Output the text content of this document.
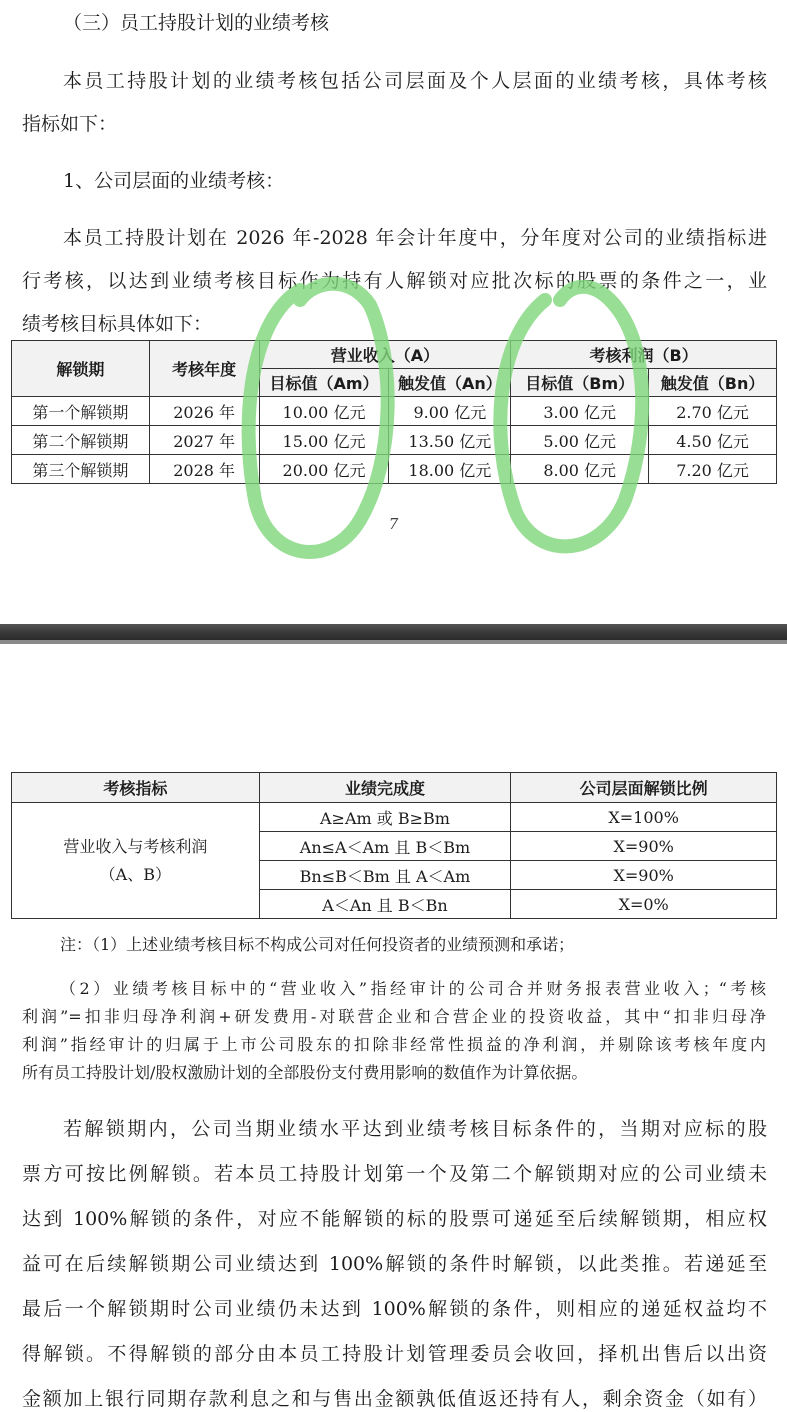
（三）员工持股计划的业绩考核
本员工持股计划的业绩考核包括公司层面及个人层面的业绩考核，具体考核
指标如下：
1、公司层面的业绩考核：
本员工持股计划在 2026 年-2028 年会计年度中，分年度对公司的业绩指标进
行考核，以达到业绩考核目标作为持有人解锁对应批次标的股票的条件之一，业
绩考核目标具体如下：
解锁期	考核年度	营业收入（A）		考核利润（B）	
		目标值（Am）	触发值（An）	目标值（Bm）	触发值（Bn）
第一个解锁期	2026 年	10.00 亿元	9.00 亿元	3.00 亿元	2.70 亿元
第二个解锁期	2027 年	15.00 亿元	13.50 亿元	5.00 亿元	4.50 亿元
第三个解锁期	2028 年	20.00 亿元	18.00 亿元	8.00 亿元	7.20 亿元
7
考核指标	业绩完成度	公司层面解锁比例

营业收入与考核利润
（A、B）	A≥Am 或 B≥Bm	X=100%
	An≤A＜Am 且 B＜Bm	X=90%
	Bn≤B＜Bm 且 A＜Am	X=90%
	A＜An 且 B＜Bn	X=0%
注：（1）上述业绩考核目标不构成公司对任何投资者的业绩预测和承诺；
（2）业绩考核目标中的“营业收入”指经审计的公司合并财务报表营业收入；“考核
利润”=扣非归母净利润+研发费用-对联营企业和合营企业的投资收益，其中“扣非归母净
利润”指经审计的归属于上市公司股东的扣除非经常性损益的净利润，并剔除该考核年度内
所有员工持股计划/股权激励计划的全部股份支付费用影响的数值作为计算依据。
若解锁期内，公司当期业绩水平达到业绩考核目标条件的，当期对应标的股
票方可按比例解锁。若本员工持股计划第一个及第二个解锁期对应的公司业绩未
达到 100%解锁的条件，对应不能解锁的标的股票可递延至后续解锁期，相应权
益可在后续解锁期公司业绩达到 100%解锁的条件时解锁，以此类推。若递延至
最后一个解锁期时公司业绩仍未达到 100%解锁的条件，则相应的递延权益均不
得解锁。不得解锁的部分由本员工持股计划管理委员会收回，择机出售后以出资
金额加上银行同期存款利息之和与售出金额孰低值返还持有人，剩余资金（如有）
